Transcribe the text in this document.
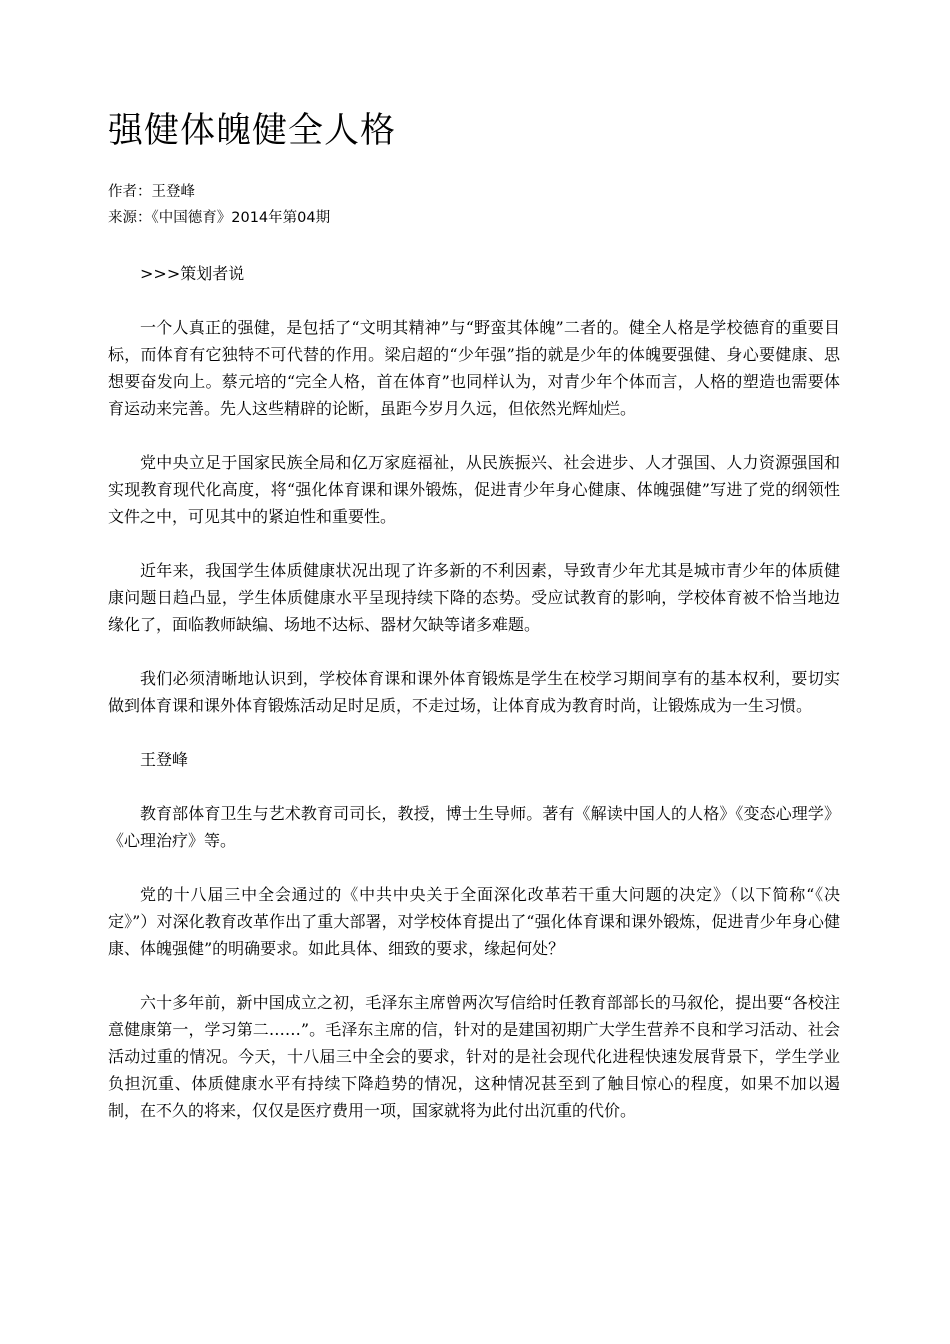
强健体魄健全人格
作者：王登峰
来源：《中国德育》2014年第04期

>>>策划者说

一个人真正的强健，是包括了“文明其精神”与“野蛮其体魄”二者的。健全人格是学校德育的重要目标，而体育有它独特不可代替的作用。梁启超的“少年强”指的就是少年的体魄要强健、身心要健康、思想要奋发向上。蔡元培的“完全人格，首在体育”也同样认为，对青少年个体而言，人格的塑造也需要体育运动来完善。先人这些精辟的论断，虽距今岁月久远，但依然光辉灿烂。

党中央立足于国家民族全局和亿万家庭福祉，从民族振兴、社会进步、人才强国、人力资源强国和实现教育现代化高度，将“强化体育课和课外锻炼，促进青少年身心健康、体魄强健”写进了党的纲领性文件之中，可见其中的紧迫性和重要性。

近年来，我国学生体质健康状况出现了许多新的不利因素，导致青少年尤其是城市青少年的体质健康问题日趋凸显，学生体质健康水平呈现持续下降的态势。受应试教育的影响，学校体育被不恰当地边缘化了，面临教师缺编、场地不达标、器材欠缺等诸多难题。

我们必须清晰地认识到，学校体育课和课外体育锻炼是学生在校学习期间享有的基本权利，要切实做到体育课和课外体育锻炼活动足时足质，不走过场，让体育成为教育时尚，让锻炼成为一生习惯。

王登峰

教育部体育卫生与艺术教育司司长，教授，博士生导师。著有《解读中国人的人格》《变态心理学》《心理治疗》等。

党的十八届三中全会通过的《中共中央关于全面深化改革若干重大问题的决定》（以下简称“《决定》”）对深化教育改革作出了重大部署，对学校体育提出了“强化体育课和课外锻炼，促进青少年身心健康、体魄强健”的明确要求。如此具体、细致的要求，缘起何处？

六十多年前，新中国成立之初，毛泽东主席曾两次写信给时任教育部部长的马叙伦，提出要“各校注意健康第一，学习第二……”。毛泽东主席的信，针对的是建国初期广大学生营养不良和学习活动、社会活动过重的情况。今天，十八届三中全会的要求，针对的是社会现代化进程快速发展背景下，学生学业负担沉重、体质健康水平有持续下降趋势的情况，这种情况甚至到了触目惊心的程度，如果不加以遏制，在不久的将来，仅仅是医疗费用一项，国家就将为此付出沉重的代价。
